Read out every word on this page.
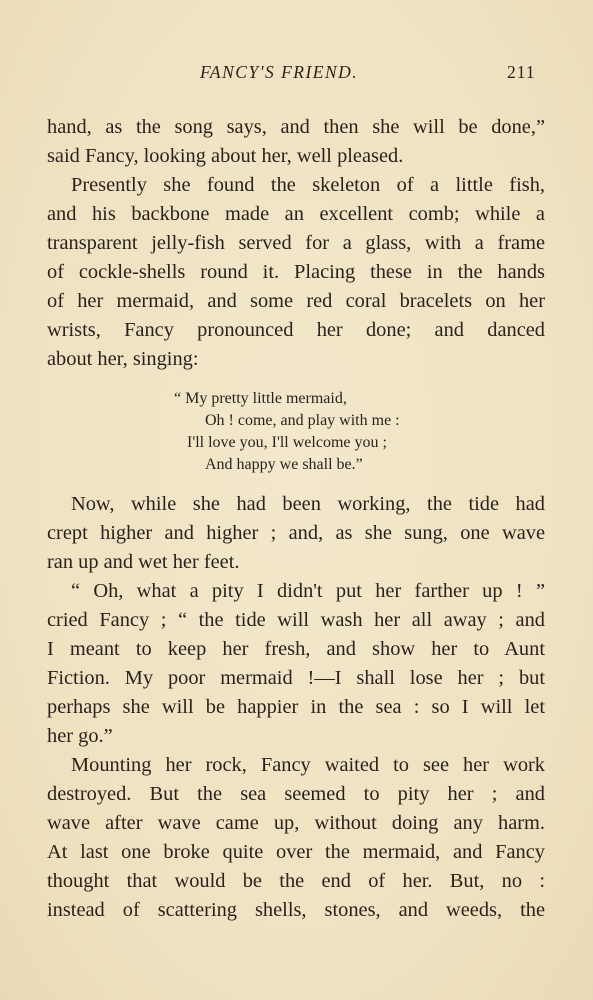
FANCY'S FRIEND.	211
hand, as the song says, and then she will be done,”
said Fancy, looking about her, well pleased.
Presently she found the skeleton of a little fish,
and his backbone made an excellent comb; while a
transparent jelly-fish served for a glass, with a frame
of cockle-shells round it. Placing these in the hands
of her mermaid, and some red coral bracelets on her
wrists, Fancy pronounced her done; and danced
about her, singing:
“ My pretty little mermaid,
Oh ! come, and play with me :
I'll love you, I'll welcome you ;
And happy we shall be.”
Now, while she had been working, the tide had
crept higher and higher ; and, as she sung, one wave
ran up and wet her feet.
“ Oh, what a pity I didn't put her farther up ! ”
cried Fancy ; “ the tide will wash her all away ; and
I meant to keep her fresh, and show her to Aunt
Fiction. My poor mermaid !—I shall lose her ; but
perhaps she will be happier in the sea : so I will let
her go.”
Mounting her rock, Fancy waited to see her work
destroyed. But the sea seemed to pity her ; and
wave after wave came up, without doing any harm.
At last one broke quite over the mermaid, and Fancy
thought that would be the end of her. But, no :
instead of scattering shells, stones, and weeds, the
